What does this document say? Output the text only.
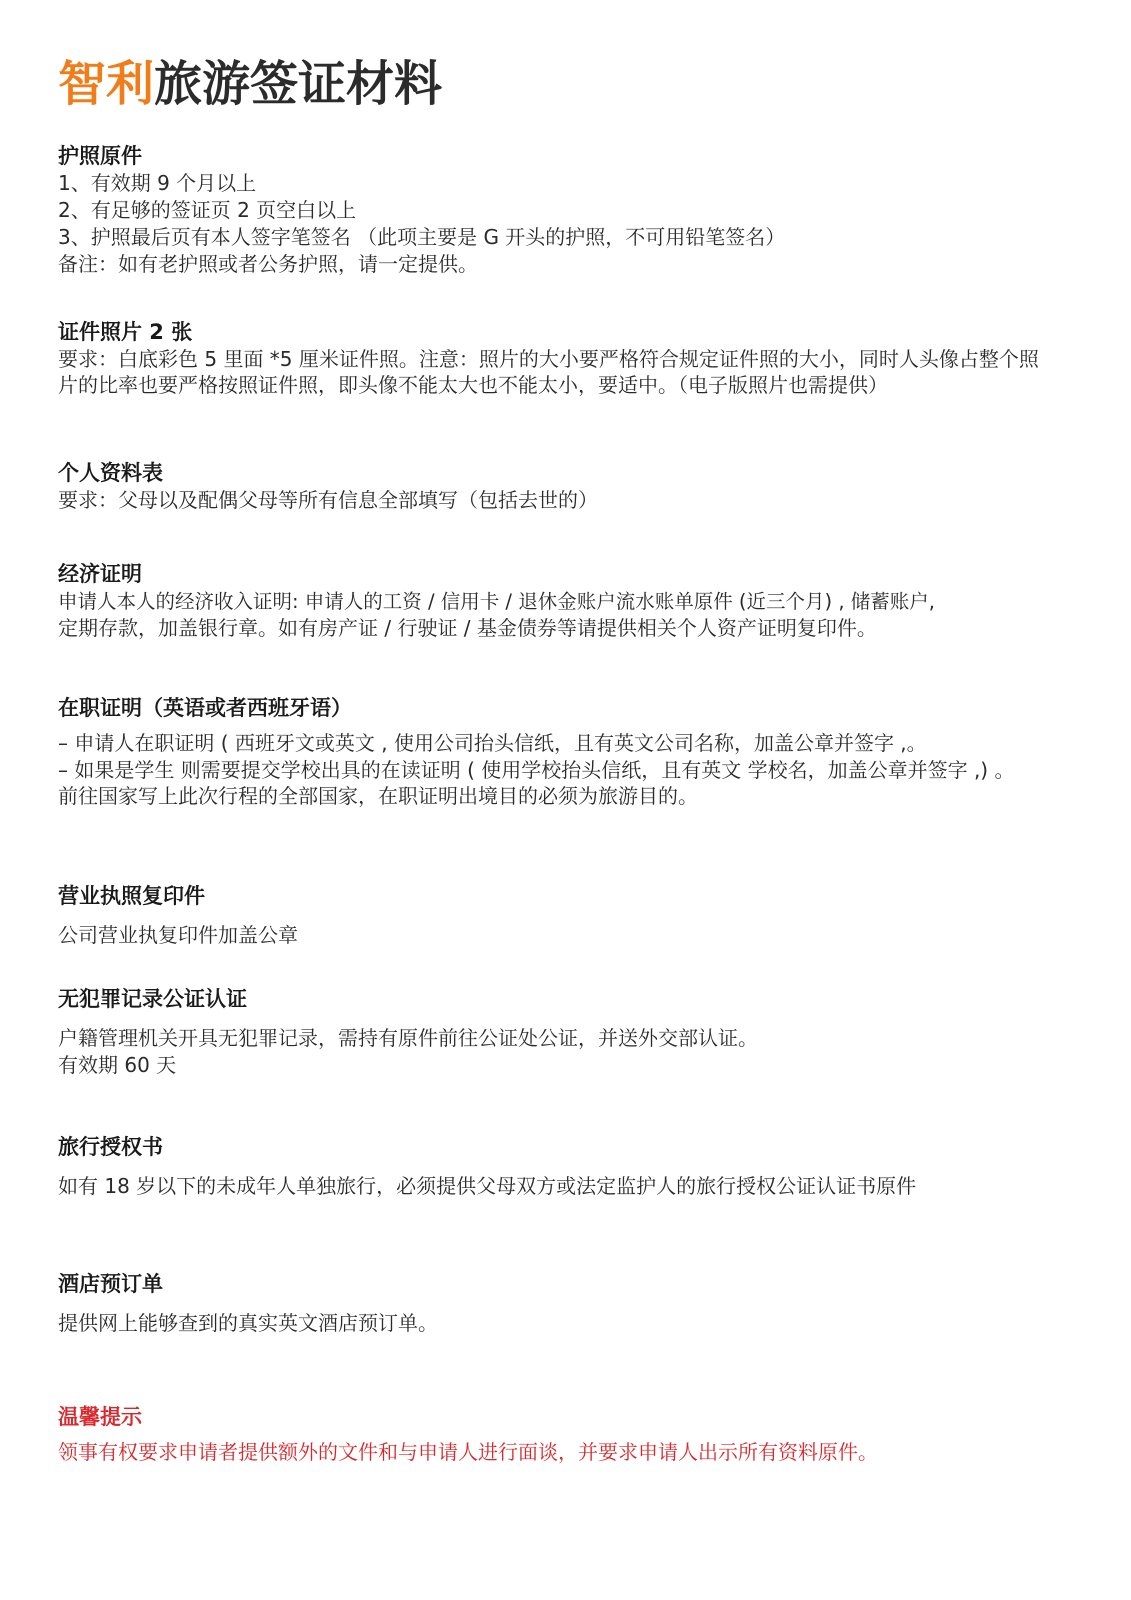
智利旅游签证材料
护照原件
1、有效期 9 个月以上
2、有足够的签证页 2 页空白以上
3、护照最后页有本人签字笔签名 （此项主要是 G 开头的护照，不可用铅笔签名）
备注：如有老护照或者公务护照，请一定提供。
证件照片 2 张
要求：白底彩色 5 里面 *5 厘米证件照。注意：照片的大小要严格符合规定证件照的大小，同时人头像占整个照片的比率也要严格按照证件照，即头像不能太大也不能太小，要适中。（电子版照片也需提供）
个人资料表
要求：父母以及配偶父母等所有信息全部填写（包括去世的）
经济证明
申请人本人的经济收入证明: 申请人的工资 / 信用卡 / 退休金账户流水账单原件 (近三个月) , 储蓄账户,
定期存款，加盖银行章。如有房产证 / 行驶证 / 基金债券等请提供相关个人资产证明复印件。
在职证明（英语或者西班牙语）
– 申请人在职证明 ( 西班牙文或英文 , 使用公司抬头信纸，且有英文公司名称，加盖公章并签字 ,。
– 如果是学生 则需要提交学校出具的在读证明 ( 使用学校抬头信纸，且有英文 学校名，加盖公章并签字 ,) 。
前往国家写上此次行程的全部国家，在职证明出境目的必须为旅游目的。
营业执照复印件
公司营业执复印件加盖公章
无犯罪记录公证认证
户籍管理机关开具无犯罪记录，需持有原件前往公证处公证，并送外交部认证。
有效期 60 天
旅行授权书
如有 18 岁以下的未成年人单独旅行，必须提供父母双方或法定监护人的旅行授权公证认证书原件
酒店预订单
提供网上能够查到的真实英文酒店预订单。
温馨提示
领事有权要求申请者提供额外的文件和与申请人进行面谈，并要求申请人出示所有资料原件。
